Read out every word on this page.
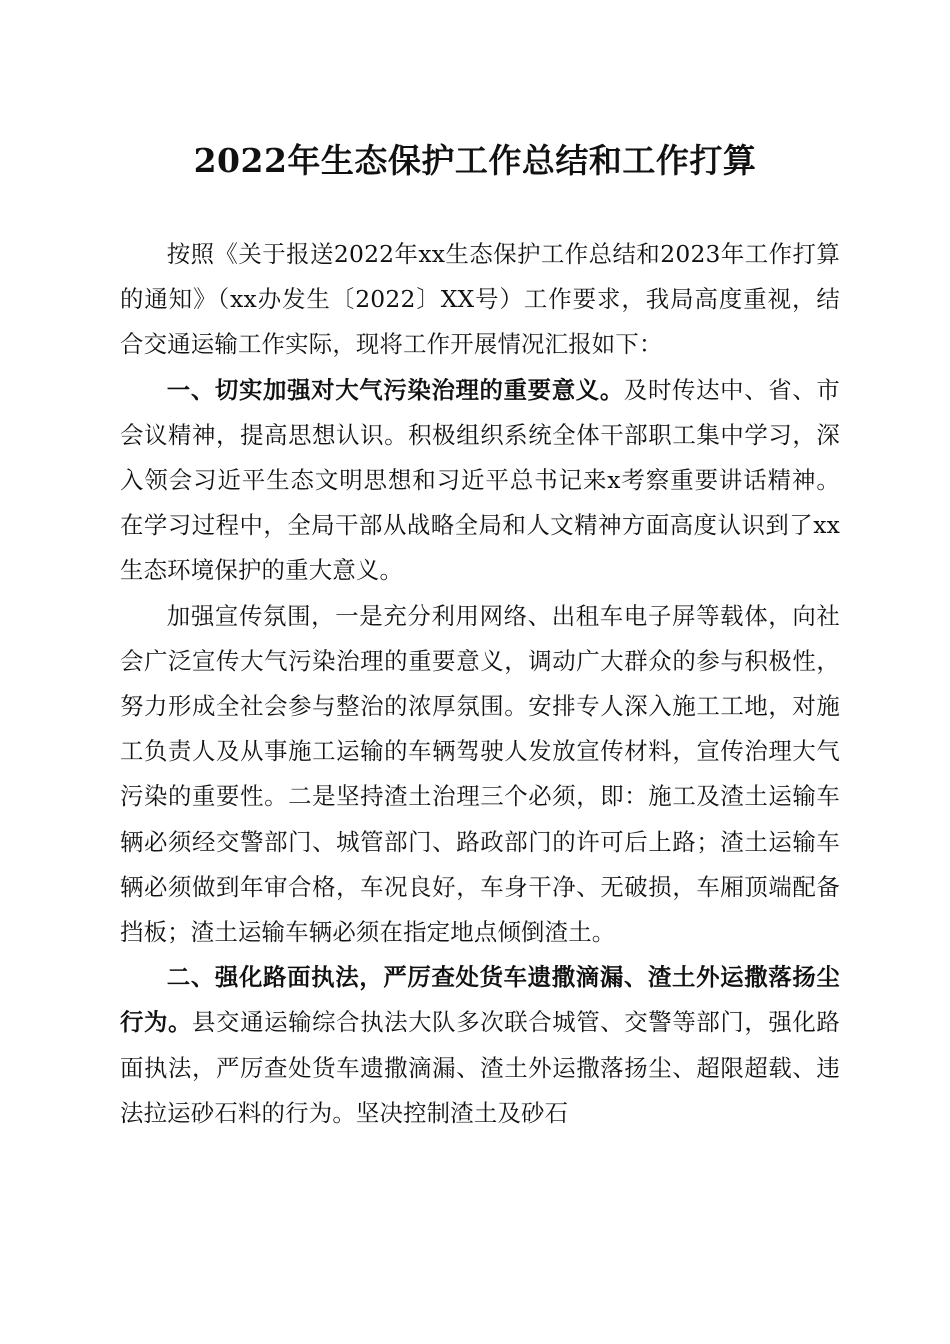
2022年生态保护工作总结和工作打算

按照《关于报送2022年xx生态保护工作总结和2023年工作打算的通知》（xx办发生〔2022〕XX号）工作要求，我局高度重视，结合交通运输工作实际，现将工作开展情况汇报如下：

一、切实加强对大气污染治理的重要意义。及时传达中、省、市会议精神，提高思想认识。积极组织系统全体干部职工集中学习，深入领会习近平生态文明思想和习近平总书记来x考察重要讲话精神。在学习过程中，全局干部从战略全局和人文精神方面高度认识到了xx生态环境保护的重大意义。

加强宣传氛围，一是充分利用网络、出租车电子屏等载体，向社会广泛宣传大气污染治理的重要意义，调动广大群众的参与积极性，努力形成全社会参与整治的浓厚氛围。安排专人深入施工工地，对施工负责人及从事施工运输的车辆驾驶人发放宣传材料，宣传治理大气污染的重要性。二是坚持渣土治理三个必须，即：施工及渣土运输车辆必须经交警部门、城管部门、路政部门的许可后上路；渣土运输车辆必须做到年审合格，车况良好，车身干净、无破损，车厢顶端配备挡板；渣土运输车辆必须在指定地点倾倒渣土。

二、强化路面执法，严厉查处货车遗撒滴漏、渣土外运撒落扬尘行为。县交通运输综合执法大队多次联合城管、交警等部门，强化路面执法，严厉查处货车遗撒滴漏、渣土外运撒落扬尘、超限超载、违法拉运砂石料的行为。坚决控制渣土及砂石
